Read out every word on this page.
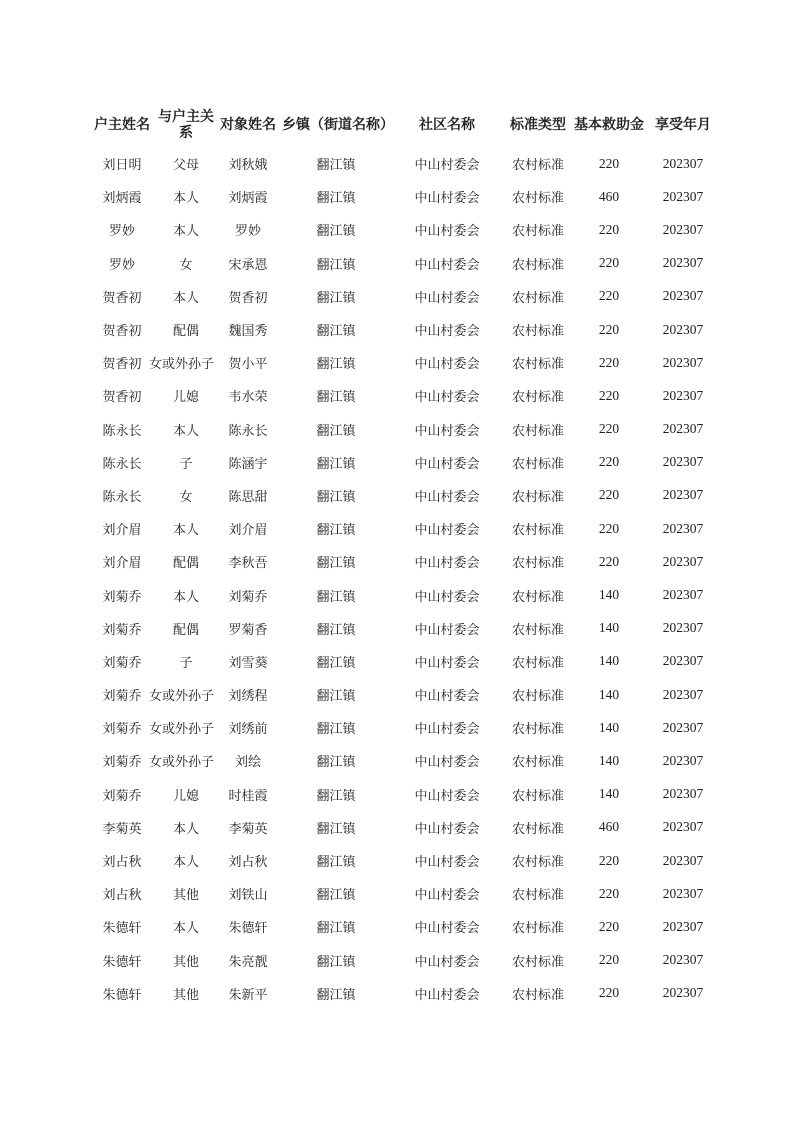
户主姓名	与户主关系	对象姓名	乡镇（街道名称）	社区名称	标准类型	基本救助金	享受年月
刘日明	父母	刘秋娥	翻江镇	中山村委会	农村标准	220	202307
刘炳霞	本人	刘炳霞	翻江镇	中山村委会	农村标准	460	202307
罗妙	本人	罗妙	翻江镇	中山村委会	农村标准	220	202307
罗妙	女	宋承恩	翻江镇	中山村委会	农村标准	220	202307
贺香初	本人	贺香初	翻江镇	中山村委会	农村标准	220	202307
贺香初	配偶	魏国秀	翻江镇	中山村委会	农村标准	220	202307
贺香初	女或外孙子	贺小平	翻江镇	中山村委会	农村标准	220	202307
贺香初	儿媳	韦水荣	翻江镇	中山村委会	农村标准	220	202307
陈永长	本人	陈永长	翻江镇	中山村委会	农村标准	220	202307
陈永长	子	陈涵宇	翻江镇	中山村委会	农村标准	220	202307
陈永长	女	陈思甜	翻江镇	中山村委会	农村标准	220	202307
刘介眉	本人	刘介眉	翻江镇	中山村委会	农村标准	220	202307
刘介眉	配偶	李秋吾	翻江镇	中山村委会	农村标准	220	202307
刘菊乔	本人	刘菊乔	翻江镇	中山村委会	农村标准	140	202307
刘菊乔	配偶	罗菊香	翻江镇	中山村委会	农村标准	140	202307
刘菊乔	子	刘雪葵	翻江镇	中山村委会	农村标准	140	202307
刘菊乔	女或外孙子	刘绣程	翻江镇	中山村委会	农村标准	140	202307
刘菊乔	女或外孙子	刘绣前	翻江镇	中山村委会	农村标准	140	202307
刘菊乔	女或外孙子	刘绘	翻江镇	中山村委会	农村标准	140	202307
刘菊乔	儿媳	时桂霞	翻江镇	中山村委会	农村标准	140	202307
李菊英	本人	李菊英	翻江镇	中山村委会	农村标准	460	202307
刘占秋	本人	刘占秋	翻江镇	中山村委会	农村标准	220	202307
刘占秋	其他	刘铁山	翻江镇	中山村委会	农村标准	220	202307
朱德轩	本人	朱德轩	翻江镇	中山村委会	农村标准	220	202307
朱德轩	其他	朱亮靓	翻江镇	中山村委会	农村标准	220	202307
朱德轩	其他	朱新平	翻江镇	中山村委会	农村标准	220	202307
